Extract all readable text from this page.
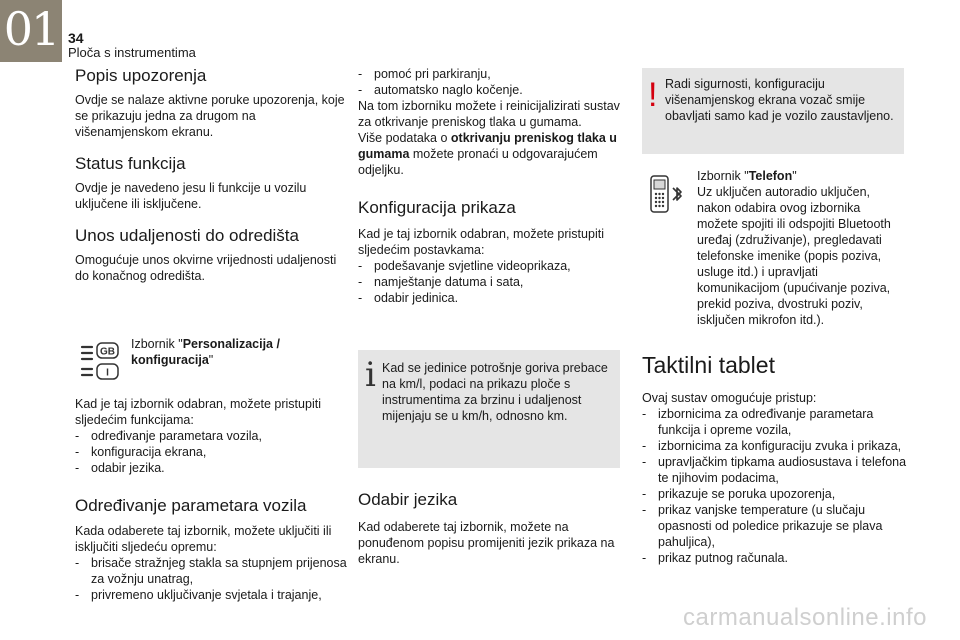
01 34
Ploča s instrumentima
Popis upozorenja

Ovdje se nalaze aktivne poruke upozorenja, koje se prikazuju jedna za drugom na višenamjenskom ekranu.

Status funkcija

Ovdje je navedeno jesu li funkcije u vozilu uključene ili isključene.

Unos udaljenosti do odredišta

Omogućuje unos okvirne vrijednosti udaljenosti do konačnog odredišta.

GB
I
Izbornik "Personalizacija / konfiguracija"

Kad je taj izbornik odabran, možete pristupiti sljedećim funkcijama:

- određivanje parametara vozila,
- konfiguracija ekrana,
- odabir jezika.
Određivanje parametara vozila

Kada odaberete taj izbornik, možete uključiti ili isključiti sljedeću opremu:

- brisače stražnjeg stakla sa stupnjem prijenosa za vožnju unatrag,
- privremeno uključivanje svjetala i trajanje,
- pomoć pri parkiranju,
- automatsko naglo kočenje.

Na tom izborniku možete i reinicijalizirati sustav za otkrivanje preniskog tlaka u gumama.

Više podataka o otkrivanju preniskog tlaka u gumama možete pronaći u odgovarajućem odjeljku.

Konfiguracija prikaza

Kad je taj izbornik odabran, možete pristupiti sljedećim postavkama:

- podešavanje svjetline videoprikaza,
- namještanje datuma i sata,
- odabir jedinica.
i Kad se jedinice potrošnje goriva prebace na km/l, podaci na prikazu ploče s instrumentima za brzinu i udaljenost mijenjaju se u km/h, odnosno km.

Odabir jezika

Kad odaberete taj izbornik, možete na ponuđenom popisu promijeniti jezik prikaza na ekranu.

! Radi sigurnosti, konfiguraciju višenamjenskog ekrana vozač smije obavljati samo kad je vozilo zaustavljeno.

Izbornik "Telefon"

Uz uključen autoradio uključen, nakon odabira ovog izbornika možete spojiti ili odspojiti Bluetooth uređaj (združivanje), pregledavati telefonske imenike (popis poziva, usluge itd.) i upravljati komunikacijom (upućivanje poziva, prekid poziva, dvostruki poziv, isključen mikrofon itd.).

Taktilni tablet

Ovaj sustav omogućuje pristup:

- izbornicima za određivanje parametara funkcija i opreme vozila,
- izbornicima za konfiguraciju zvuka i prikaza,
- upravljačkim tipkama audiosustava i telefona te njihovim podacima,
- prikazuje se poruka upozorenja,
- prikaz vanjske temperature (u slučaju opasnosti od poledice prikazuje se plava pahuljica),
- prikaz putnog računala.
carmanualsonline.info
